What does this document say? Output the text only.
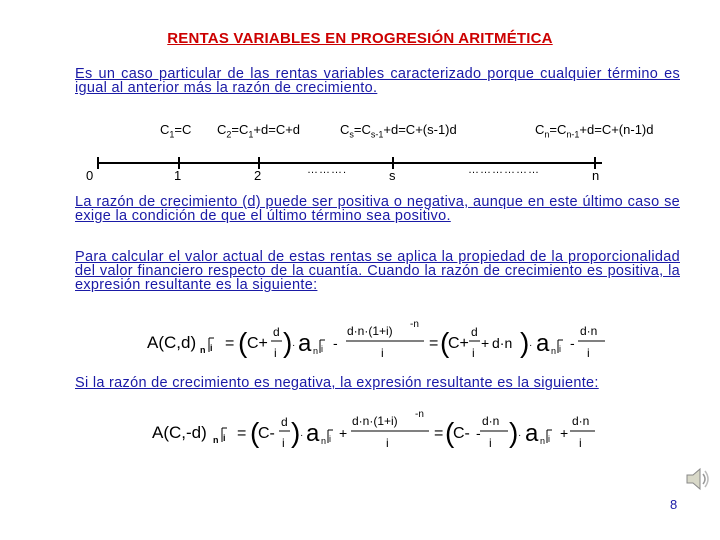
RENTAS VARIABLES EN PROGRESIÓN ARITMÉTICA
Es un caso particular de las rentas variables caracterizado porque cualquier término es igual al anterior más la razón de crecimiento.
$C_1=C$ $C_2=C_1+d=C+d$	$C_s=C_{s-1}+d=C+(s-1)d$	$C_n=C_{n-1}+d=C+(n-1)d$
0	1	2	s	n
……….	………………
La razón de crecimiento (d) puede ser positiva o negativa, aunque en este último caso se exige la condición de que el último término sea positivo.
Para calcular el valor actual de estas rentas se aplica la propiedad de la proporcionalidad del valor financiero respecto de la cuantía. Cuando la razón de crecimiento es positiva, la expresión resultante es la siguiente:
A(C,d) n i = ( C+
d
i ) · a n i -
d·n·(1+i) -n
i
= (
C+
d
i
+ d·n ) · a n i -
d·n
i
Si la razón de crecimiento es negativa, la expresión resultante es la siguiente:
A(C,-d) n i = (
C-
d
i ) · a n i +
d·n·(1+i) -n
i
= (
C- -
d·n
i ) · a n i +
d·n
i
8
